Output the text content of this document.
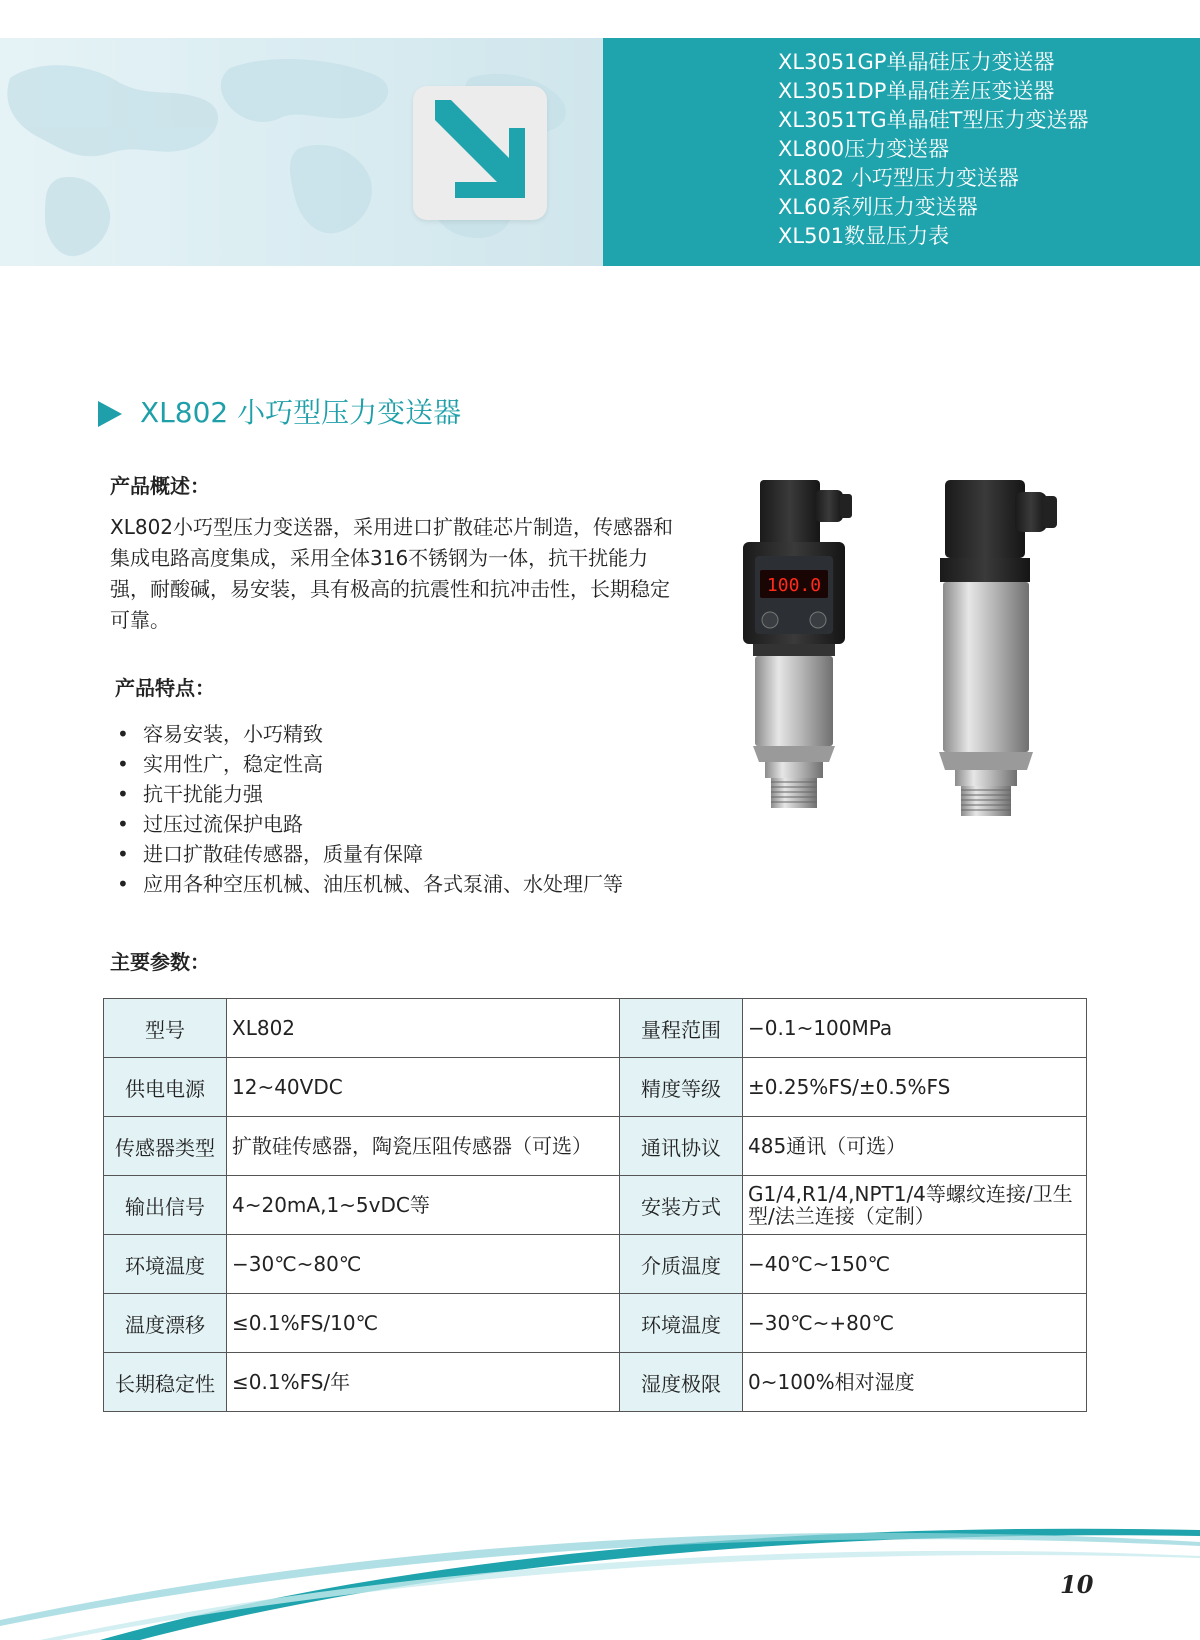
XL3051GP单晶硅压力变送器
XL3051DP单晶硅差压变送器
XL3051TG单晶硅T型压力变送器
XL800压力变送器
XL802 小巧型压力变送器
XL60系列压力变送器
XL501数显压力表
XL802 小巧型压力变送器
产品概述：

XL802小巧型压力变送器，采用进口扩散硅芯片制造，传感器和集成电路高度集成，采用全体316不锈钢为一体，抗干扰能力强，耐酸碱，易安装，具有极高的抗震性和抗冲击性，长期稳定可靠。

产品特点：
• 容易安装，小巧精致
• 实用性广，稳定性高
• 抗干扰能力强
• 过压过流保护电路
• 进口扩散硅传感器，质量有保障
• 应用各种空压机械、油压机械、各式泵浦、水处理厂等
100.0
主要参数：
型号	XL802	量程范围	−0.1~100MPa
供电电源	12~40VDC	精度等级	±0.25%FS/±0.5%FS
传感器类型	扩散硅传感器，陶瓷压阻传感器（可选）	通讯协议	485通讯（可选）
输出信号	4~20mA,1~5vDC等	安装方式	G1/4,R1/4,NPT1/4等螺纹连接/卫生型/法兰连接（定制）
环境温度	−30℃~80℃	介质温度	−40℃~150℃
温度漂移	≤0.1%FS/10℃	环境温度	−30℃~+80℃
长期稳定性	≤0.1%FS/年	湿度极限	0~100%相对湿度
10
